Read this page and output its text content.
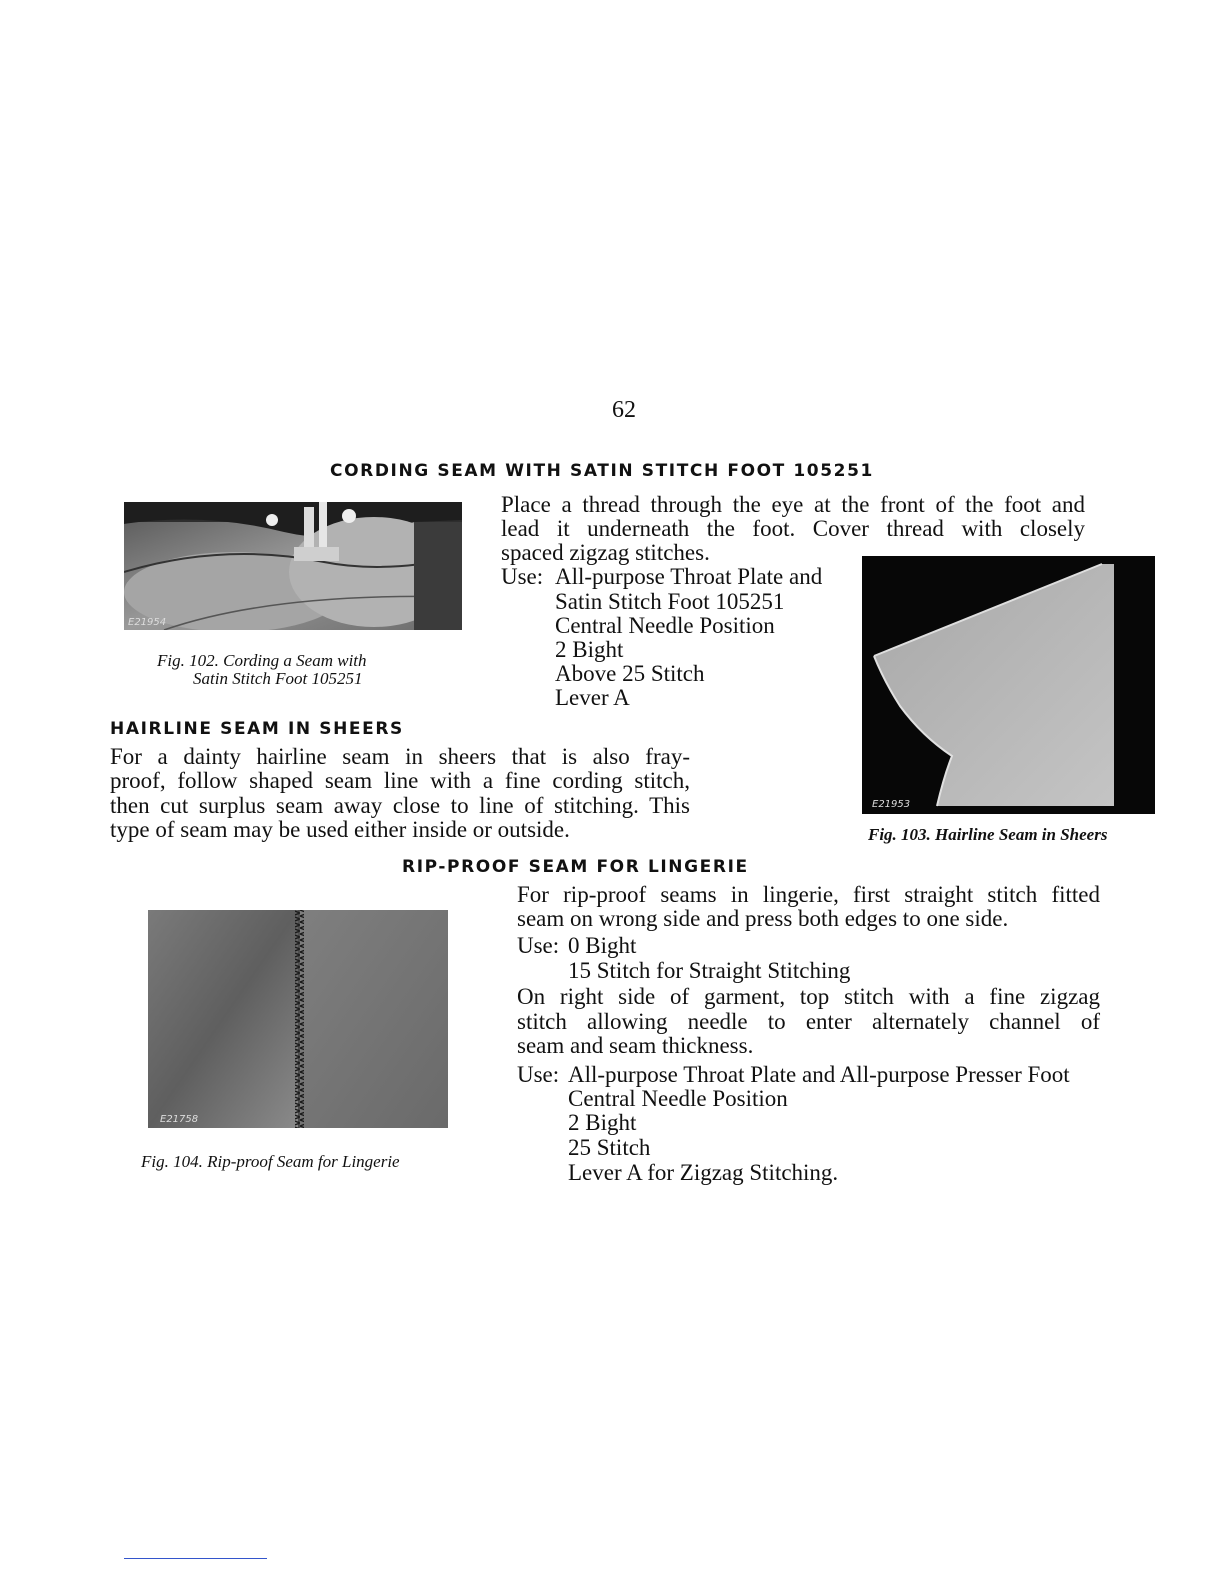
62
CORDING SEAM WITH SATIN STITCH FOOT 105251
E21954
Fig. 102. Cording a Seam with
Satin Stitch Foot 105251
Place a thread through the eye at the front of the foot and
lead it underneath the foot. Cover thread with closely
spaced zigzag stitches.
Use: All-purpose Throat Plate and
Satin Stitch Foot 105251
Central Needle Position
2 Bight
Above 25 Stitch
Lever A
E21953
Fig. 103. Hairline Seam in Sheers
HAIRLINE SEAM IN SHEERS
For a dainty hairline seam in sheers that is also fray-
proof, follow shaped seam line with a fine cording stitch,
then cut surplus seam away close to line of stitching. This
type of seam may be used either inside or outside.
RIP-PROOF SEAM FOR LINGERIE
E21758
Fig. 104. Rip-proof Seam for Lingerie
For rip-proof seams in lingerie, first straight stitch fitted
seam on wrong side and press both edges to one side.
Use: 0 Bight
15 Stitch for Straight Stitching
On right side of garment, top stitch with a fine zigzag
stitch allowing needle to enter alternately channel of
seam and seam thickness.
Use: All-purpose Throat Plate and All-purpose Presser Foot
Central Needle Position
2 Bight
25 Stitch
Lever A for Zigzag Stitching.
